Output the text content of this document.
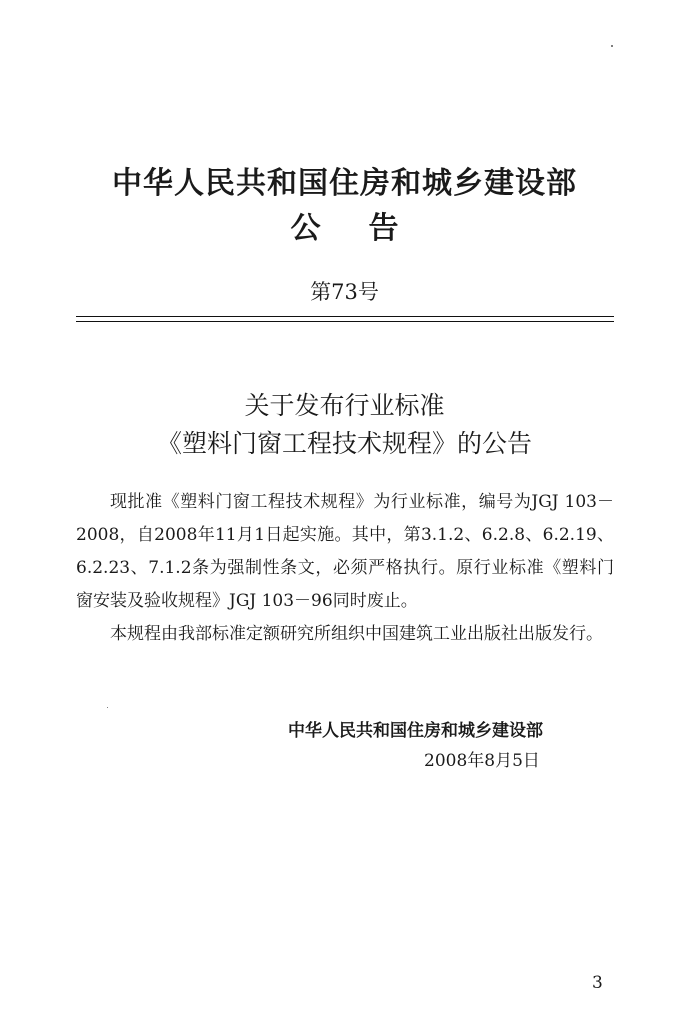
中华人民共和国住房和城乡建设部
公告
第73号
关于发布行业标准
《塑料门窗工程技术规程》的公告
现批准《塑料门窗工程技术规程》为行业标准，编号为JGJ 103－2008，自2008年11月1日起实施。其中，第3.1.2、6.2.8、6.2.19、6.2.23、7.1.2条为强制性条文，必须严格执行。原行业标准《塑料门窗安装及验收规程》JGJ 103－96同时废止。
本规程由我部标准定额研究所组织中国建筑工业出版社出版发行。
中华人民共和国住房和城乡建设部
2008年8月5日
3
